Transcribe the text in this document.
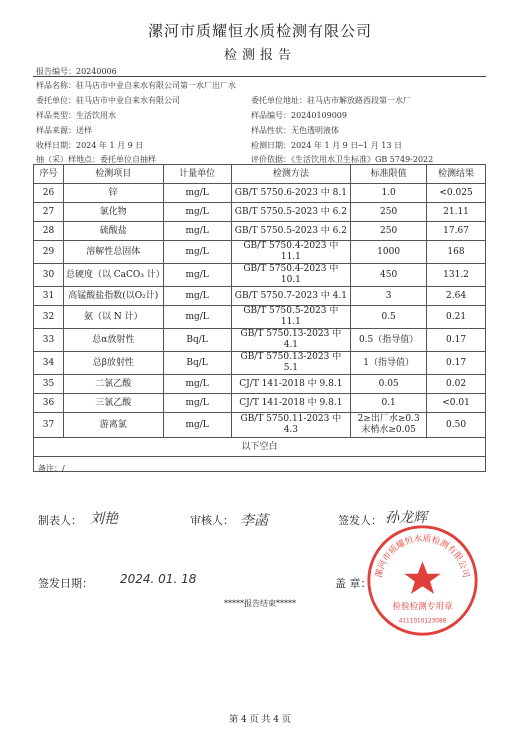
漯河市质耀恒水质检测有限公司
检测报告
报告编号：20240006
样品名称：驻马店市中业自来水有限公司第一水厂出厂水
委托单位：驻马店市中业自来水有限公司	委托单位地址：驻马店市解放路西段第一水厂
样品类型：生活饮用水	样品编号：20240109009
样品来源：送样	样品性状：无色透明液体
收样日期：2024 年 1 月 9 日	检测日期：2024 年 1 月 9 日─1 月 13 日
抽（采）样地点：委托单位自抽样	评价依据：《生活饮用水卫生标准》GB 5749-2022
序号	检测项目	计量单位	检测方法	标准限值	检测结果
26	锌	mg/L	GB/T 5750.6-2023 中 8.1	1.0	<0.025
27	氯化物	mg/L	GB/T 5750.5-2023 中 6.2	250	21.11
28	硫酸盐	mg/L	GB/T 5750.5-2023 中 6.2	250	17.67
29	溶解性总固体	mg/L	GB/T 5750.4-2023 中 11.1	1000	168
30	总硬度（以 CaCO₃ 计）	mg/L	GB/T 5750.4-2023 中 10.1	450	131.2
31	高锰酸盐指数(以O₂计)	mg/L	GB/T 5750.7-2023 中 4.1	3	2.64
32	氨（以 N 计）	mg/L	GB/T 5750.5-2023 中 11.1	0.5	0.21
33	总α放射性	Bq/L	GB/T 5750.13-2023 中 4.1	0.5（指导值）	0.17
34	总β放射性	Bq/L	GB/T 5750.13-2023 中 5.1	1（指导值）	0.17
35	二氯乙酸	mg/L	CJ/T 141-2018 中 9.8.1	0.05	0.02
36	三氯乙酸	mg/L	CJ/T 141-2018 中 9.8.1	0.1	<0.01
37	游离氯	mg/L	GB/T 5750.11-2023 中 4.3	2≥出厂水≥0.3
末梢水≥0.05	0.50
以下空白					

备注：/
制表人： 刘艳	审核人： 李菡	签发人： 孙龙辉
签发日期： 2024. 01. 18	盖 章：
漯河市质耀恒水质检测有限公司
检验检测专用章
4111010123088
*****报告结束*****
第 4 页 共 4 页
